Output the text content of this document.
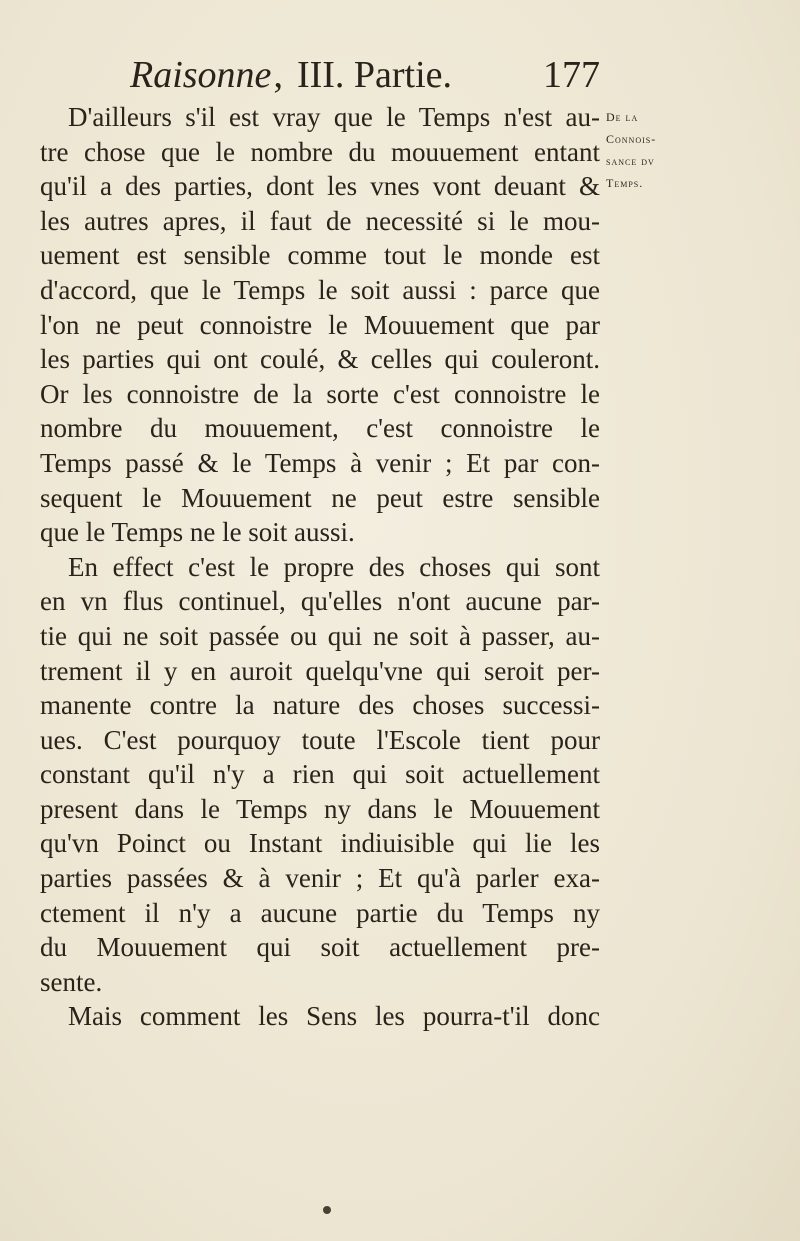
Raisonne, III. Partie. 177
De la
Connois-
sance dv
Temps.
D'ailleurs s'il est vray que le Temps n'est au-
tre chose que le nombre du mouuement entant
qu'il a des parties, dont les vnes vont deuant &
les autres apres, il faut de necessité si le mou-
uement est sensible comme tout le monde est
d'accord, que le Temps le soit aussi : parce que
l'on ne peut connoistre le Mouuement que par
les parties qui ont coulé, & celles qui couleront.
Or les connoistre de la sorte c'est connoistre le
nombre du mouuement, c'est connoistre le
Temps passé & le Temps à venir ; Et par con-
sequent le Mouuement ne peut estre sensible
que le Temps ne le soit aussi.
En effect c'est le propre des choses qui sont
en vn flus continuel, qu'elles n'ont aucune par-
tie qui ne soit passée ou qui ne soit à passer, au-
trement il y en auroit quelqu'vne qui seroit per-
manente contre la nature des choses successi-
ues. C'est pourquoy toute l'Escole tient pour
constant qu'il n'y a rien qui soit actuellement
present dans le Temps ny dans le Mouuement
qu'vn Poinct ou Instant indiuisible qui lie les
parties passées & à venir ; Et qu'à parler exa-
ctement il n'y a aucune partie du Temps ny
du Mouuement qui soit actuellement pre-
sente.
Mais comment les Sens les pourra-t'il donc
